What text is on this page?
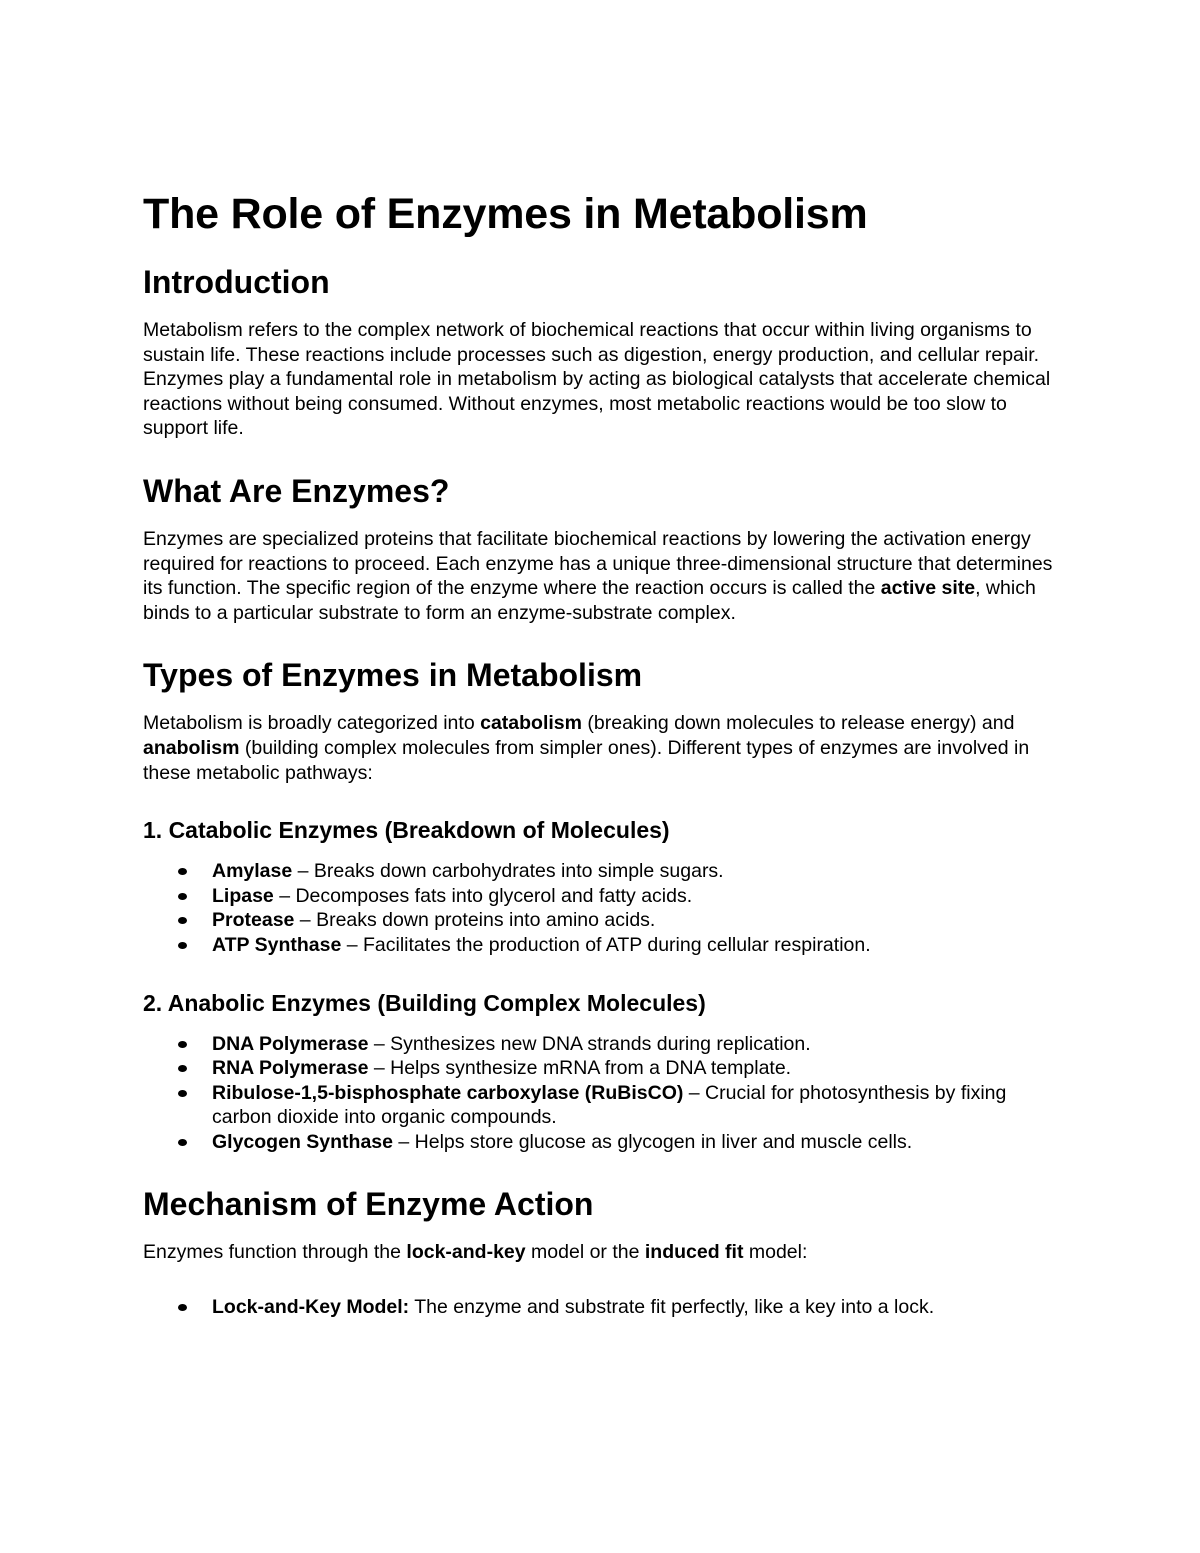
The Role of Enzymes in Metabolism
Introduction

Metabolism refers to the complex network of biochemical reactions that occur within living organisms to sustain life. These reactions include processes such as digestion, energy production, and cellular repair. Enzymes play a fundamental role in metabolism by acting as biological catalysts that accelerate chemical reactions without being consumed. Without enzymes, most metabolic reactions would be too slow to support life.

What Are Enzymes?

Enzymes are specialized proteins that facilitate biochemical reactions by lowering the activation energy required for reactions to proceed. Each enzyme has a unique three-dimensional structure that determines its function. The specific region of the enzyme where the reaction occurs is called the active site, which binds to a particular substrate to form an enzyme-substrate complex.

Types of Enzymes in Metabolism

Metabolism is broadly categorized into catabolism (breaking down molecules to release energy) and anabolism (building complex molecules from simpler ones). Different types of enzymes are involved in these metabolic pathways:

1. Catabolic Enzymes (Breakdown of Molecules)
Amylase – Breaks down carbohydrates into simple sugars.
Lipase – Decomposes fats into glycerol and fatty acids.
Protease – Breaks down proteins into amino acids.
ATP Synthase – Facilitates the production of ATP during cellular respiration.
2. Anabolic Enzymes (Building Complex Molecules)
DNA Polymerase – Synthesizes new DNA strands during replication.
RNA Polymerase – Helps synthesize mRNA from a DNA template.
Ribulose-1,5-bisphosphate carboxylase (RuBisCO) – Crucial for photosynthesis by fixing carbon dioxide into organic compounds.
Glycogen Synthase – Helps store glucose as glycogen in liver and muscle cells.
Mechanism of Enzyme Action

Enzymes function through the lock-and-key model or the induced fit model:

Lock-and-Key Model: The enzyme and substrate fit perfectly, like a key into a lock.
